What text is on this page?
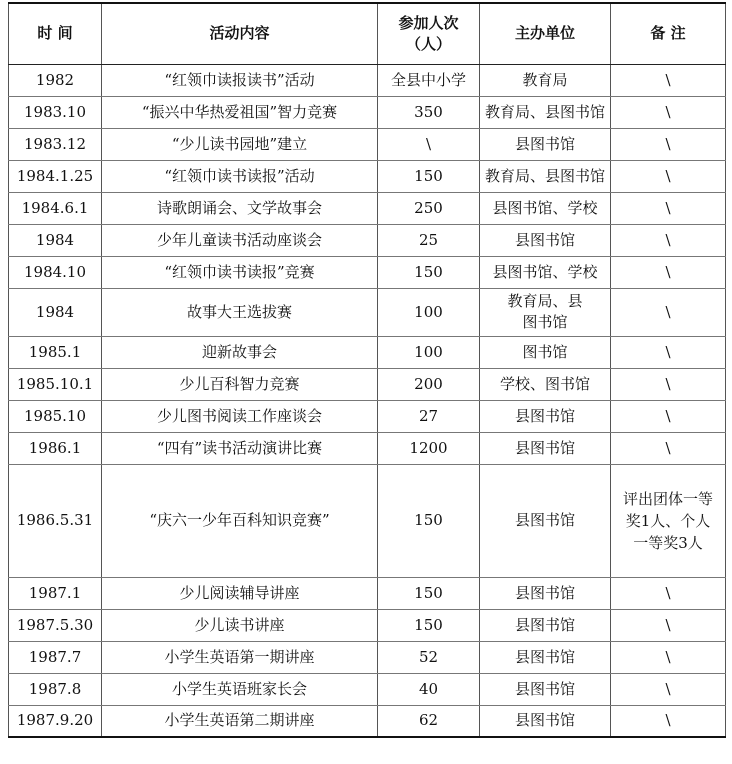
时 间	活动内容	参加人次（人）	主办单位	备 注
1982	“红领巾读报读书”活动	全县中小学	教育局	\
1983.10	“振兴中华热爱祖国”智力竞赛	350	教育局、县图书馆	\
1983.12	“少儿读书园地”建立	\	县图书馆	\
1984.1.25	“红领巾读书读报”活动	150	教育局、县图书馆	\
1984.6.1	诗歌朗诵会、文学故事会	250	县图书馆、学校	\
1984	少年儿童读书活动座谈会	25	县图书馆	\
1984.10	“红领巾读书读报”竞赛	150	县图书馆、学校	\
1984	故事大王选拔赛	100	教育局、县图书馆	\
1985.1	迎新故事会	100	图书馆	\
1985.10.1	少儿百科智力竞赛	200	学校、图书馆	\
1985.10	少儿图书阅读工作座谈会	27	县图书馆	\
1986.1	“四有”读书活动演讲比赛	1200	县图书馆	\
1986.5.31	“庆六一少年百科知识竞赛”	150	县图书馆	评出团体一等奖1人、个人一等奖3人
1987.1	少儿阅读辅导讲座	150	县图书馆	\
1987.5.30	少儿读书讲座	150	县图书馆	\
1987.7	小学生英语第一期讲座	52	县图书馆	\
1987.8	小学生英语班家长会	40	县图书馆	\
1987.9.20	小学生英语第二期讲座	62	县图书馆	\
